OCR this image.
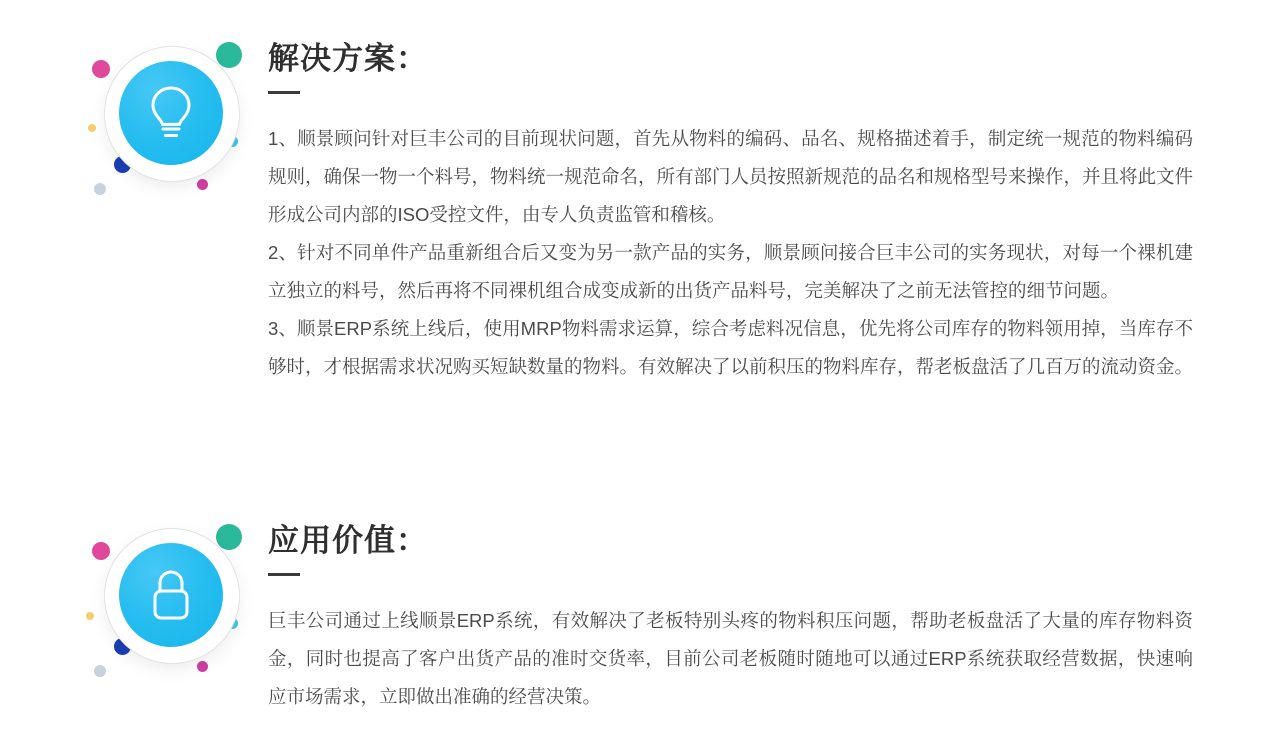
解决方案：

1、顺景顾问针对巨丰公司的目前现状问题，首先从物料的编码、品名、规格描述着手，制定统一规范的物料编码规则，确保一物一个料号，物料统一规范命名，所有部门人员按照新规范的品名和规格型号来操作，并且将此文件形成公司内部的ISO受控文件，由专人负责监管和稽核。

2、针对不同单件产品重新组合后又变为另一款产品的实务，顺景顾问接合巨丰公司的实务现状，对每一个裸机建立独立的料号，然后再将不同裸机组合成变成新的出货产品料号，完美解决了之前无法管控的细节问题。

3、顺景ERP系统上线后，使用MRP物料需求运算，综合考虑料况信息，优先将公司库存的物料领用掉，当库存不够时，才根据需求状况购买短缺数量的物料。有效解决了以前积压的物料库存，帮老板盘活了几百万的流动资金。

应用价值：

巨丰公司通过上线顺景ERP系统，有效解决了老板特别头疼的物料积压问题，帮助老板盘活了大量的库存物料资金，同时也提高了客户出货产品的准时交货率，目前公司老板随时随地可以通过ERP系统获取经营数据，快速响应市场需求，立即做出准确的经营决策。
